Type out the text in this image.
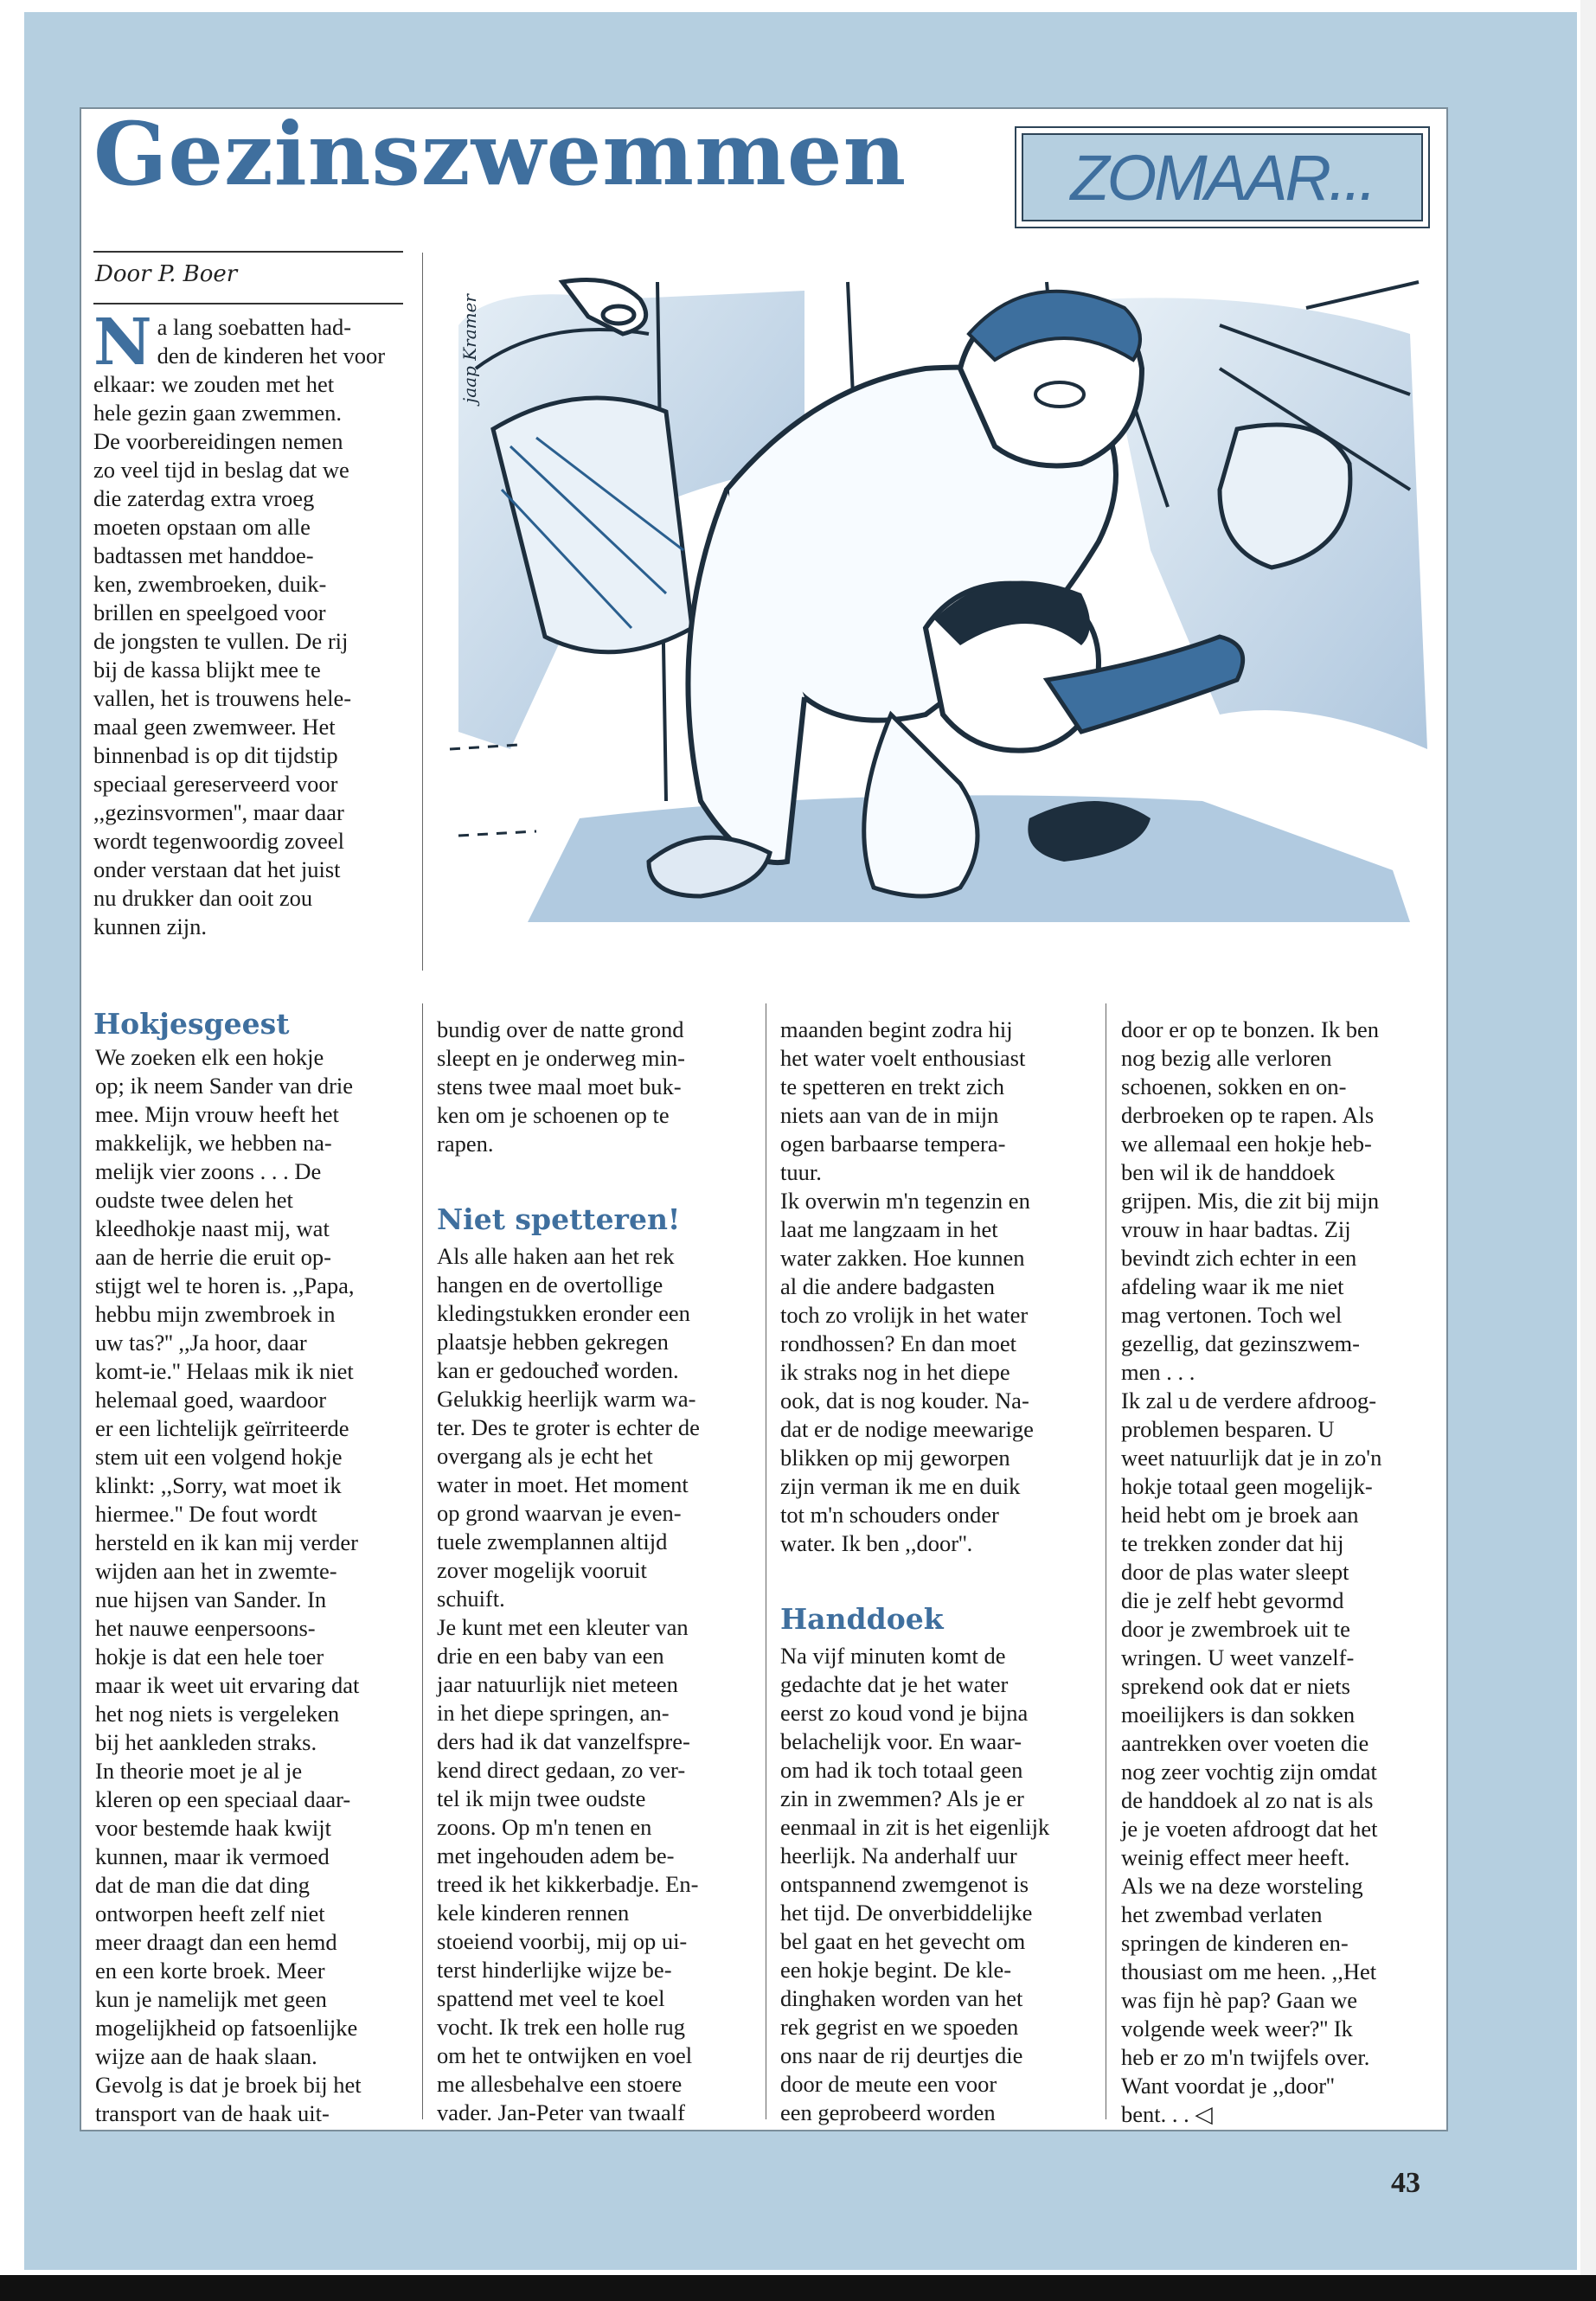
Gezinszwemmen	ZOMAAR...
Door P. Boer
Na lang soebatten had-
den de kinderen het voor
elkaar: we zouden met het
hele gezin gaan zwemmen.
De voorbereidingen nemen
zo veel tijd in beslag dat we
die zaterdag extra vroeg
moeten opstaan om alle
badtassen met handdoe-
ken, zwembroeken, duik-
brillen en speelgoed voor
de jongsten te vullen. De rij
bij de kassa blijkt mee te
vallen, het is trouwens hele-
maal geen zwemweer. Het
binnenbad is op dit tijdstip
speciaal gereserveerd voor
,,gezinsvormen'', maar daar
wordt tegenwoordig zoveel
onder verstaan dat het juist
nu drukker dan ooit zou
kunnen zijn.
jaap Kramer
Hokjesgeest
We zoeken elk een hokje
op; ik neem Sander van drie
mee. Mijn vrouw heeft het
makkelijk, we hebben na-
melijk vier zoons . . . De
oudste twee delen het
kleedhokje naast mij, wat
aan de herrie die eruit op-
stijgt wel te horen is. ,,Papa,
hebbu mijn zwembroek in
uw tas?'' ,,Ja hoor, daar
komt-ie.'' Helaas mik ik niet
helemaal goed, waardoor
er een lichtelijk geïrriteerde
stem uit een volgend hokje
klinkt: ,,Sorry, wat moet ik
hiermee.'' De fout wordt
hersteld en ik kan mij verder
wijden aan het in zwemte-
nue hijsen van Sander. In
het nauwe eenpersoons-
hokje is dat een hele toer
maar ik weet uit ervaring dat
het nog niets is vergeleken
bij het aankleden straks.
In theorie moet je al je
kleren op een speciaal daar-
voor bestemde haak kwijt
kunnen, maar ik vermoed
dat de man die dat ding
ontworpen heeft zelf niet
meer draagt dan een hemd
en een korte broek. Meer
kun je namelijk met geen
mogelijkheid op fatsoenlijke
wijze aan de haak slaan.
Gevolg is dat je broek bij het
transport van de haak uit-
bundig over de natte grond
sleept en je onderweg min-
stens twee maal moet buk-
ken om je schoenen op te
rapen.
Niet spetteren!
Als alle haken aan het rek
hangen en de overtollige
kledingstukken eronder een
plaatsje hebben gekregen
kan er gedoucheđ worden.
Gelukkig heerlijk warm wa-
ter. Des te groter is echter de
overgang als je echt het
water in moet. Het moment
op grond waarvan je even-
tuele zwemplannen altijd
zover mogelijk vooruit
schuift.
Je kunt met een kleuter van
drie en een baby van een
jaar natuurlijk niet meteen
in het diepe springen, an-
ders had ik dat vanzelfspre-
kend direct gedaan, zo ver-
tel ik mijn twee oudste
zoons. Op m'n tenen en
met ingehouden adem be-
treed ik het kikkerbadje. En-
kele kinderen rennen
stoeiend voorbij, mij op ui-
terst hinderlijke wijze be-
spattend met veel te koel
vocht. Ik trek een holle rug
om het te ontwijken en voel
me allesbehalve een stoere
vader. Jan-Peter van twaalf
maanden begint zodra hij
het water voelt enthousiast
te spetteren en trekt zich
niets aan van de in mijn
ogen barbaarse tempera-
tuur.
Ik overwin m'n tegenzin en
laat me langzaam in het
water zakken. Hoe kunnen
al die andere badgasten
toch zo vrolijk in het water
rondhossen? En dan moet
ik straks nog in het diepe
ook, dat is nog kouder. Na-
dat er de nodige meewarige
blikken op mij geworpen
zijn verman ik me en duik
tot m'n schouders onder
water. Ik ben ,,door''.
Handdoek
Na vijf minuten komt de
gedachte dat je het water
eerst zo koud vond je bijna
belachelijk voor. En waar-
om had ik toch totaal geen
zin in zwemmen? Als je er
eenmaal in zit is het eigenlijk
heerlijk. Na anderhalf uur
ontspannend zwemgenot is
het tijd. De onverbiddelijke
bel gaat en het gevecht om
een hokje begint. De kle-
dinghaken worden van het
rek gegrist en we spoeden
ons naar de rij deurtjes die
door de meute een voor
een geprobeerd worden
door er op te bonzen. Ik ben
nog bezig alle verloren
schoenen, sokken en on-
derbroeken op te rapen. Als
we allemaal een hokje heb-
ben wil ik de handdoek
grijpen. Mis, die zit bij mijn
vrouw in haar badtas. Zij
bevindt zich echter in een
afdeling waar ik me niet
mag vertonen. Toch wel
gezellig, dat gezinszwem-
men . . .
Ik zal u de verdere afdroog-
problemen besparen. U
weet natuurlijk dat je in zo'n
hokje totaal geen mogelijk-
heid hebt om je broek aan
te trekken zonder dat hij
door de plas water sleept
die je zelf hebt gevormd
door je zwembroek uit te
wringen. U weet vanzelf-
sprekend ook dat er niets
moeilijkers is dan sokken
aantrekken over voeten die
nog zeer vochtig zijn omdat
de handdoek al zo nat is als
je je voeten afdroogt dat het
weinig effect meer heeft.
Als we na deze worsteling
het zwembad verlaten
springen de kinderen en-
thousiast om me heen. ,,Het
was fijn hè pap? Gaan we
volgende week weer?'' Ik
heb er zo m'n twijfels over.
Want voordat je ,,door''
bent. . . ◁
43
